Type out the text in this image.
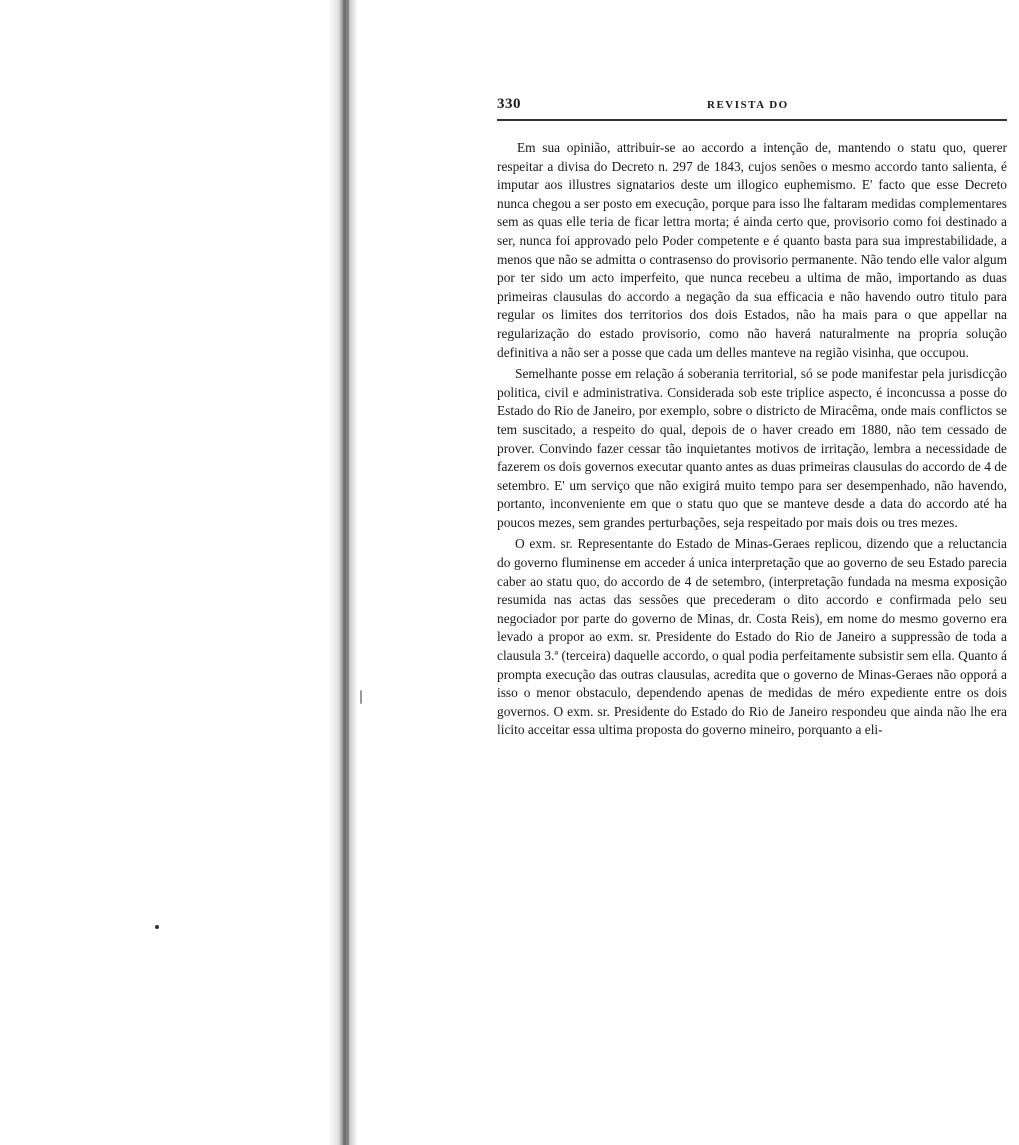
330	REVISTA DO

Em sua opinião, attribuir-se ao accordo a intenção de, mantendo o statu quo, querer respeitar a divisa do Decreto n. 297 de 1843, cujos senões o mesmo accordo tanto salienta, é imputar aos illustres signatarios deste um illogico euphemismo. E' facto que esse Decreto nunca chegou a ser posto em execução, porque para isso lhe faltaram medidas complementares sem as quas elle teria de ficar lettra morta; é ainda certo que, provisorio como foi destinado a ser, nunca foi approvado pelo Poder competente e é quanto basta para sua imprestabilidade, a menos que não se admitta o contrasenso do provisorio permanente. Não tendo elle valor algum por ter sido um acto imperfeito, que nunca recebeu a ultima de mão, importando as duas primeiras clausulas do accordo a negação da sua efficacia e não havendo outro titulo para regular os limites dos territorios dos dois Estados, não ha mais para o que appellar na regularização do estado provisorio, como não haverá naturalmente na propria solução definitiva a não ser a posse que cada um delles manteve na região visinha, que occupou.

Semelhante posse em relação á soberania territorial, só se pode manifestar pela jurisdicção politica, civil e administrativa. Considerada sob este triplice aspecto, é inconcussa a posse do Estado do Rio de Janeiro, por exemplo, sobre o districto de Miracêma, onde mais conflictos se tem suscitado, a respeito do qual, depois de o haver creado em 1880, não tem cessado de prover. Convindo fazer cessar tão inquietantes motivos de irritação, lembra a necessidade de fazerem os dois governos executar quanto antes as duas primeiras clausulas do accordo de 4 de setembro. E' um serviço que não exigirá muito tempo para ser desempenhado, não havendo, portanto, inconveniente em que o statu quo que se manteve desde a data do accordo até ha poucos mezes, sem grandes perturbações, seja respeitado por mais dois ou tres mezes.

O exm. sr. Representante do Estado de Minas-Geraes replicou, dizendo que a reluctancia do governo fluminense em acceder á unica interpretação que ao governo de seu Estado parecia caber ao statu quo, do accordo de 4 de setembro, (interpretação fundada na mesma exposição resumida nas actas das sessões que precederam o dito accordo e confirmada pelo seu negociador por parte do governo de Minas, dr. Costa Reis), em nome do mesmo governo era levado a propor ao exm. sr. Presidente do Estado do Rio de Janeiro a suppressão de toda a clausula 3.ª (terceira) daquelle accordo, o qual podia perfeitamente subsistir sem ella. Quanto á prompta execução das outras clausulas, acredita que o governo de Minas-Geraes não opporá a isso o menor obstaculo, dependendo apenas de medidas de méro expediente entre os dois governos. O exm. sr. Presidente do Estado do Rio de Janeiro respondeu que ainda não lhe era licito acceitar essa ultima proposta do governo mineiro, porquanto a eli-
